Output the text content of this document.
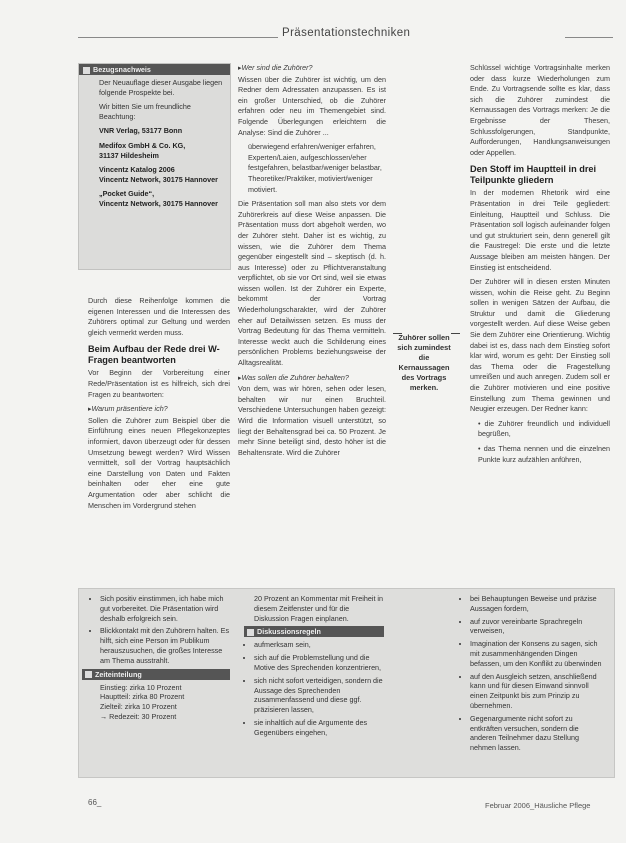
Präsentationstechniken
Bezugsnachweis

Der Neuauflage dieser Ausgabe liegen folgende Prospekte bei.

Wir bitten Sie um freundliche Beachtung:

VNR Verlag, 53177 Bonn

Medifox GmbH & Co. KG,
31137 Hildesheim

Vincentz Katalog 2006
Vincentz Network, 30175 Hannover

„Pocket Guide“,
Vincentz Network, 30175 Hannover

Durch diese Reihenfolge kommen die eigenen Interessen und die Interessen des Zuhörers optimal zur Geltung und werden gleich vermerkt werden muss.

Beim Aufbau der Rede drei W-Fragen beantworten

Vor Beginn der Vorbereitung einer Rede/Präsentation ist es hilfreich, sich drei Fragen zu beantworten:

▸ Warum präsentiere ich?

Sollen die Zuhörer zum Beispiel über die Einführung eines neuen Pflegekonzeptes informiert, davon überzeugt oder für dessen Umsetzung bewegt werden? Wird Wissen vermittelt, soll der Vortrag hauptsächlich eine Darstellung von Daten und Fakten beinhalten oder eher eine gute Argumentation oder aber schlicht die Menschen im Vordergrund stehen

▸ Wer sind die Zuhörer?

Wissen über die Zuhörer ist wichtig, um den Redner dem Adressaten anzupassen. Es ist ein großer Unterschied, ob die Zuhörer erfahren oder neu im Themengebiet sind. Folgende Überlegungen erleichtern die Analyse: Sind die Zuhörer ...

überwiegend erfahren/weniger erfahren, Experten/Laien, aufgeschlossen/eher festgefahren, belastbar/weniger belastbar, Theoretiker/Praktiker, motiviert/weniger motiviert.

Die Präsentation soll man also stets vor dem Zuhörerkreis auf diese Weise anpassen. Die Präsentation muss dort abgeholt werden, wo der Zuhörer steht. Daher ist es wichtig, zu wissen, wie die Zuhörer dem Thema gegenüber eingestellt sind – skeptisch (d. h. aus Interesse) oder zu Pflichtveranstaltung verpflichtet, ob sie vor Ort sind, weil sie etwas wissen wollen. Ist der Zuhörer ein Experte, bekommt der Vortrag Wiederholungscharakter, wird der Zuhörer eher auf Detailwissen setzen. Es muss der Vortrag Bedeutung für das Thema vermitteln. Interesse weckt auch die Schilderung eines persönlichen Problems beziehungsweise der Alltagsrealität.

▸ Was sollen die Zuhörer behalten?

Von dem, was wir hören, sehen oder lesen, behalten wir nur einen Bruchteil. Verschiedene Untersuchungen haben gezeigt: Wird die Information visuell unterstützt, so liegt der Behaltensgrad bei ca. 50 Prozent. Je mehr Sinne beteiligt sind, desto höher ist die Behaltensrate. Wird die Zuhörer

Zuhörer sollen sich zumindest die Kernaussagen des Vortrags merken.

Schlüssel wichtige Vortragsinhalte merken oder dass kurze Wiederholungen zum Ende. Zu Vortragsende sollte es klar, dass sich die Zuhörer zumindest die Kernaussagen des Vortrags merken: Je die Ergebnisse der Thesen, Schlussfolgerungen, Standpunkte, Aufforderungen, Handlungsanweisungen oder Appellen.

Den Stoff im Hauptteil in drei Teilpunkte gliedern

In der modernen Rhetorik wird eine Präsentation in drei Teile gegliedert: Einleitung, Hauptteil und Schluss. Die Präsentation soll logisch aufeinander folgen und gut strukturiert sein, denn generell gilt die Faustregel: Die erste und die letzte Aussage bleiben am meisten hängen. Der Einstieg ist entscheidend.

Der Zuhörer will in diesen ersten Minuten wissen, wohin die Reise geht. Zu Beginn sollen in wenigen Sätzen der Aufbau, die Struktur und damit die Gliederung vorgestellt werden. Auf diese Weise geben Sie dem Zuhörer eine Orientierung. Wichtig dabei ist es, dass nach dem Einstieg sofort klar wird, worum es geht: Der Einstieg soll das Thema oder die Fragestellung umreißen und auch anregen. Zudem soll er die Zuhörer motivieren und eine positive Einstellung zum Thema gewinnen und Neugier erzeugen. Der Redner kann:

• die Zuhörer freundlich und individuell begrüßen,

• das Thema nennen und die einzelnen Punkte kurz aufzählen anführen,

• Sich positiv einstimmen, ich habe mich gut vorbereitet. Die Präsentation wird deshalb erfolgreich sein.
• Blickkontakt mit den Zuhörern halten. Es hilft, sich eine Person im Publikum herauszusuchen, die großes Interesse am Thema ausstrahlt.
Zeiteinteilung
Einstieg: zirka 10 Prozent
Hauptteil: zirka 80 Prozent
Zielteil: zirka 10 Prozent
→ Redezeit: 30 Prozent
20 Prozent an Kommentar mit Freiheit in diesem Zeitfenster und für die Diskussion Fragen einplanen.
Diskussionsregeln
• aufmerksam sein,
• sich auf die Problemstellung und die Motive des Sprechenden konzentrieren,
• sich nicht sofort verteidigen, sondern die Aussage des Sprechenden zusammenfassend und diese ggf. präzisieren lassen,
• sie inhaltlich auf die Argumente des Gegenübers eingehen,
• bei Behauptungen Beweise und präzise Aussagen fordern,
• auf zuvor vereinbarte Sprachregeln verweisen,
• Imagination der Konsens zu sagen, sich mit zusammenhängenden Dingen befassen, um den Konflikt zu überwinden
• auf den Ausgleich setzen, anschließend kann und für diesen Einwand sinnvoll einen Zeitpunkt bis zum Prinzip zu übernehmen.
• Gegenargumente nicht sofort zu entkräften versuchen, sondern die anderen Teilnehmer dazu Stellung nehmen lassen.
66_	Februar 2006_Häusliche Pflege
